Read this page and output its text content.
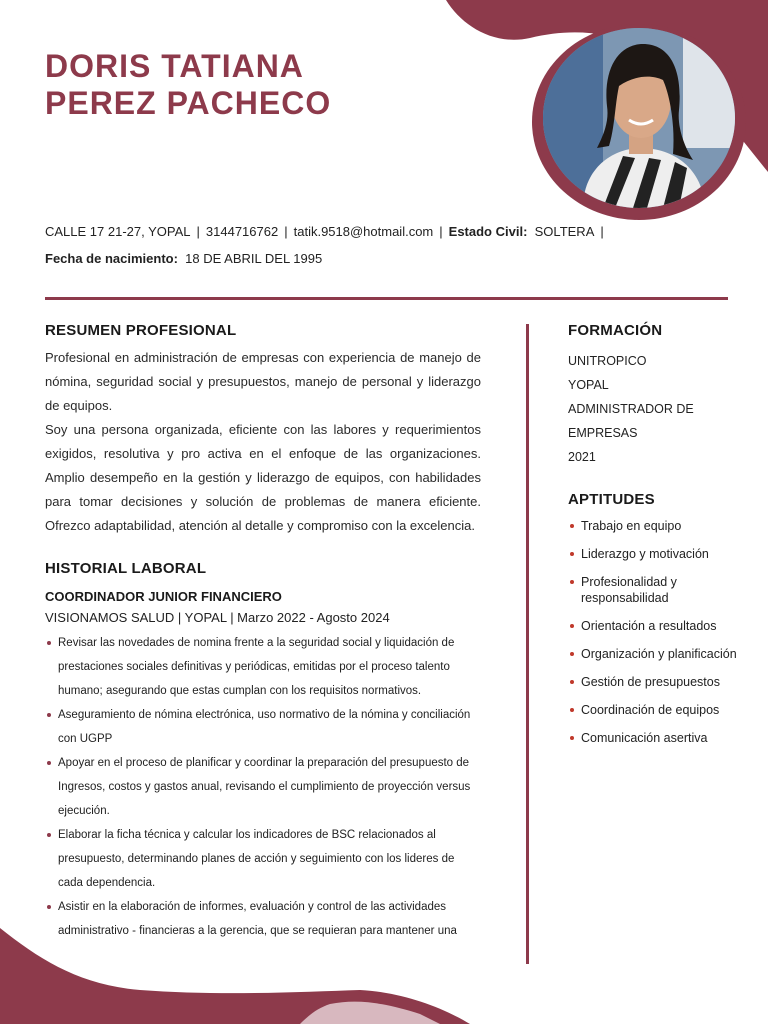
DORIS TATIANA
PEREZ PACHECO
CALLE 17 21-27, YOPAL | 3144716762 | tatik.9518@hotmail.com | Estado Civil: SOLTERA |
Fecha de nacimiento: 18 DE ABRIL DEL 1995
RESUMEN PROFESIONAL

Profesional en administración de empresas con experiencia de manejo de nómina, seguridad social y presupuestos, manejo de personal y liderazgo de equipos.

Soy una persona organizada, eficiente con las labores y requerimientos exigidos, resolutiva y pro activa en el enfoque de las organizaciones. Amplio desempeño en la gestión y liderazgo de equipos, con habilidades para tomar decisiones y solución de problemas de manera eficiente. Ofrezco adaptabilidad, atención al detalle y compromiso con la excelencia.

HISTORIAL LABORAL
COORDINADOR JUNIOR FINANCIERO
VISIONAMOS SALUD | YOPAL | Marzo 2022 - Agosto 2024
Revisar las novedades de nomina frente a la seguridad social y liquidación de prestaciones sociales definitivas y periódicas, emitidas por el proceso talento humano; asegurando que estas cumplan con los requisitos normativos.
Aseguramiento de nómina electrónica, uso normativo de la nómina y conciliación con UGPP
Apoyar en el proceso de planificar y coordinar la preparación del presupuesto de Ingresos, costos y gastos anual, revisando el cumplimiento de proyección versus ejecución.
Elaborar la ficha técnica y calcular los indicadores de BSC relacionados al presupuesto, determinando planes de acción y seguimiento con los lideres de cada dependencia.
Asistir en la elaboración de informes, evaluación y control de las actividades administrativo - financieras a la gerencia, que se requieran para mantener una
FORMACIÓN
UNITROPICO
YOPAL
ADMINISTRADOR DE
EMPRESAS
2021
APTITUDES
Trabajo en equipo
Liderazgo y motivación
Profesionalidad y responsabilidad
Orientación a resultados
Organización y planificación
Gestión de presupuestos
Coordinación de equipos
Comunicación asertiva
